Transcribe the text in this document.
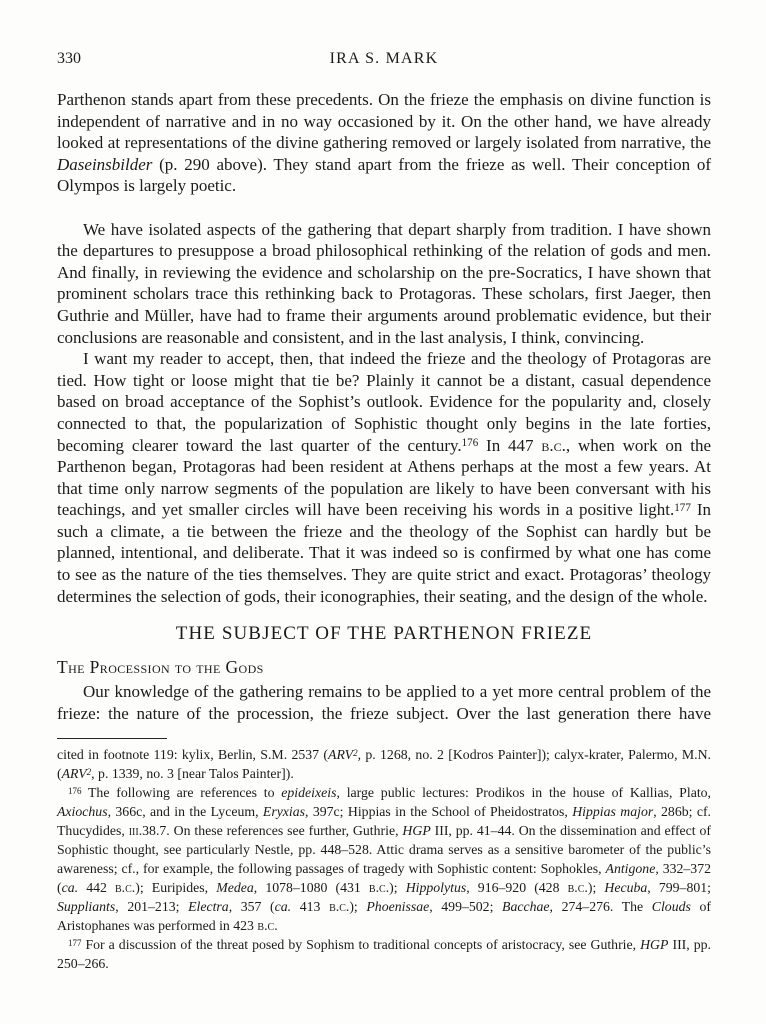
330	IRA S. MARK

Parthenon stands apart from these precedents. On the frieze the emphasis on divine function is independent of narrative and in no way occasioned by it. On the other hand, we have already looked at representations of the divine gathering removed or largely isolated from narrative, the Daseinsbilder (p. 290 above). They stand apart from the frieze as well. Their conception of Olympos is largely poetic.

We have isolated aspects of the gathering that depart sharply from tradition. I have shown the departures to presuppose a broad philosophical rethinking of the relation of gods and men. And finally, in reviewing the evidence and scholarship on the pre-Socratics, I have shown that prominent scholars trace this rethinking back to Protagoras. These scholars, first Jaeger, then Guthrie and Müller, have had to frame their arguments around problematic evidence, but their conclusions are reasonable and consistent, and in the last analysis, I think, convincing.

I want my reader to accept, then, that indeed the frieze and the theology of Protagoras are tied. How tight or loose might that tie be? Plainly it cannot be a distant, casual dependence based on broad acceptance of the Sophist’s outlook. Evidence for the popularity and, closely connected to that, the popularization of Sophistic thought only begins in the late forties, becoming clearer toward the last quarter of the century.$^{176}$ In 447 b.c., when work on the Parthenon began, Protagoras had been resident at Athens perhaps at the most a few years. At that time only narrow segments of the population are likely to have been conversant with his teachings, and yet smaller circles will have been receiving his words in a positive light.$^{177}$ In such a climate, a tie between the frieze and the theology of the Sophist can hardly but be planned, intentional, and deliberate. That it was indeed so is confirmed by what one has come to see as the nature of the ties themselves. They are quite strict and exact. Protagoras’ theology determines the selection of gods, their iconographies, their seating, and the design of the whole.

THE SUBJECT OF THE PARTHENON FRIEZE
The Procession to the Gods

Our knowledge of the gathering remains to be applied to a yet more central problem of the frieze: the nature of the procession, the frieze subject. Over the last generation there have

cited in footnote 119: kylix, Berlin, S.M. 2537 (ARV$^2$, p. 1268, no. 2 [Kodros Painter]); calyx-krater, Palermo, M.N. (ARV$^2$, p. 1339, no. 3 [near Talos Painter]).

$^{176}$ The following are references to epideixeis, large public lectures: Prodikos in the house of Kallias, Plato, Axiochus, 366c, and in the Lyceum, Eryxias, 397c; Hippias in the School of Pheidostratos, Hippias major, 286b; cf. Thucydides, iii.38.7. On these references see further, Guthrie, HGP III, pp. 41–44. On the dissemination and effect of Sophistic thought, see particularly Nestle, pp. 448–528. Attic drama serves as a sensitive barometer of the public’s awareness; cf., for example, the following passages of tragedy with Sophistic content: Sophokles, Antigone, 332–372 (ca. 442 b.c.); Euripides, Medea, 1078–1080 (431 b.c.); Hippolytus, 916–920 (428 b.c.); Hecuba, 799–801; Suppliants, 201–213; Electra, 357 (ca. 413 b.c.); Phoenissae, 499–502; Bacchae, 274–276. The Clouds of Aristophanes was performed in 423 b.c.

$^{177}$ For a discussion of the threat posed by Sophism to traditional concepts of aristocracy, see Guthrie, HGP III, pp. 250–266.
